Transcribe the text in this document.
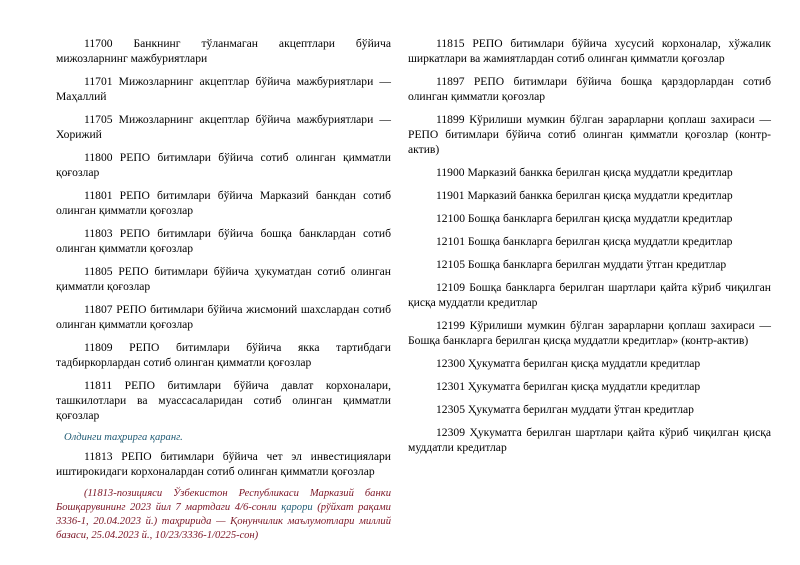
11700 Банкнинг тўланмаган акцептлари бўйича мижозларнинг мажбуриятлари

11701 Мижозларнинг акцептлар бўйича мажбуриятлари — Маҳаллий

11705 Мижозларнинг акцептлар бўйича мажбуриятлари — Хорижий

11800 РЕПО битимлари бўйича сотиб олинган қимматли қоғозлар

11801 РЕПО битимлари бўйича Марказий банкдан сотиб олинган қимматли қоғозлар

11803 РЕПО битимлари бўйича бошқа банклардан сотиб олинган қимматли қоғозлар

11805 РЕПО битимлари бўйича ҳукуматдан сотиб олинган қимматли қоғозлар

11807 РЕПО битимлари бўйича жисмоний шахслардан сотиб олинган қимматли қоғозлар

11809 РЕПО битимлари бўйича якка тартибдаги тадбиркорлардан сотиб олинган қимматли қоғозлар

11811 РЕПО битимлари бўйича давлат корхоналари, ташкилотлари ва муассасаларидан сотиб олинган қимматли қоғозлар

Олдинги таҳрирга қаранг.

11813 РЕПО битимлари бўйича чет эл инвестициялари иштирокидаги корхоналардан сотиб олинган қимматли қоғозлар

(11813-позицияси Ўзбекистон Республикаси Марказий банки Бошқарувининг 2023 йил 7 мартдаги 4/6-сонли қарори (рўйхат рақами 3336-1, 20.04.2023 й.) таҳририда — Қонунчилик маълумотлари миллий базаси, 25.04.2023 й., 10/23/3336-1/0225-сон)

11815 РЕПО битимлари бўйича хусусий корхоналар, хўжалик ширкатлари ва жамиятлардан сотиб олинган қимматли қоғозлар

11897 РЕПО битимлари бўйича бошқа қарздорлардан сотиб олинган қимматли қоғозлар

11899 Кўрилиши мумкин бўлган зарарларни қоплаш захираси — РЕПО битимлари бўйича сотиб олинган қимматли қоғозлар (контр-актив)

11900 Марказий банкка берилган қисқа муддатли кредитлар

11901 Марказий банкка берилган қисқа муддатли кредитлар

12100 Бошқа банкларга берилган қисқа муддатли кредитлар

12101 Бошқа банкларга берилган қисқа муддатли кредитлар

12105 Бошқа банкларга берилган муддати ўтган кредитлар

12109 Бошқа банкларга берилган шартлари қайта кўриб чиқилган қисқа муддатли кредитлар

12199 Кўрилиши мумкин бўлган зарарларни қоплаш захираси — Бошқа банкларга берилган қисқа муддатли кредитлар» (контр-актив)

12300 Ҳукуматга берилган қисқа муддатли кредитлар

12301 Ҳукуматга берилган қисқа муддатли кредитлар

12305 Ҳукуматга берилган муддати ўтган кредитлар

12309 Ҳукуматга берилган шартлари қайта кўриб чиқилган қисқа муддатли кредитлар
